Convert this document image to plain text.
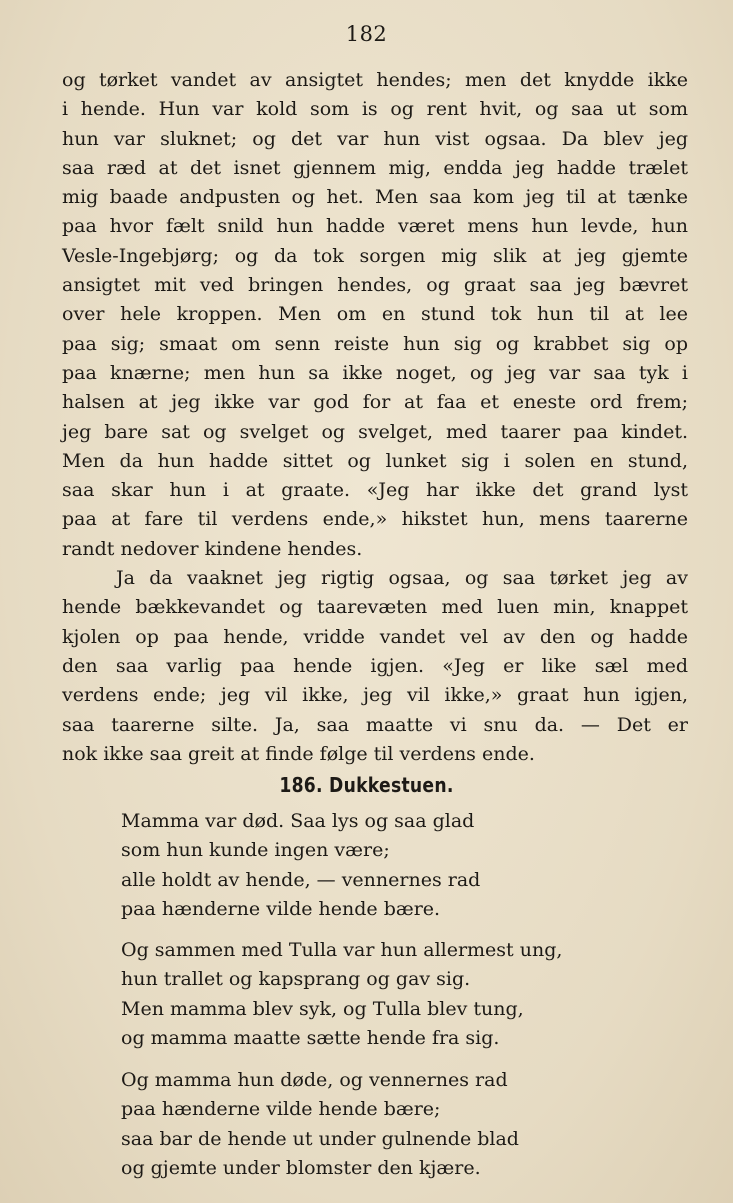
182
og tørket vandet av ansigtet hendes; men det knydde ikke
i hende. Hun var kold som is og rent hvit, og saa ut som
hun var sluknet; og det var hun vist ogsaa. Da blev jeg
saa ræd at det isnet gjennem mig, endda jeg hadde trælet
mig baade andpusten og het. Men saa kom jeg til at tænke
paa hvor fælt snild hun hadde været mens hun levde, hun
Vesle-Ingebjørg; og da tok sorgen mig slik at jeg gjemte
ansigtet mit ved bringen hendes, og graat saa jeg bævret
over hele kroppen. Men om en stund tok hun til at lee
paa sig; smaat om senn reiste hun sig og krabbet sig op
paa knærne; men hun sa ikke noget, og jeg var saa tyk i
halsen at jeg ikke var god for at faa et eneste ord frem;
jeg bare sat og svelget og svelget, med taarer paa kindet.
Men da hun hadde sittet og lunket sig i solen en stund,
saa skar hun i at graate. «Jeg har ikke det grand lyst
paa at fare til verdens ende,» hikstet hun, mens taarerne
randt nedover kindene hendes.
Ja da vaaknet jeg rigtig ogsaa, og saa tørket jeg av
hende bækkevandet og taarevæten med luen min, knappet
kjolen op paa hende, vridde vandet vel av den og hadde
den saa varlig paa hende igjen. «Jeg er like sæl med
verdens ende; jeg vil ikke, jeg vil ikke,» graat hun igjen,
saa taarerne silte. Ja, saa maatte vi snu da. — Det er
nok ikke saa greit at finde følge til verdens ende.
186. Dukkestuen.
Mamma var død. Saa lys og saa glad
som hun kunde ingen være;
alle holdt av hende, — vennernes rad
paa hænderne vilde hende bære.
Og sammen med Tulla var hun allermest ung,
hun trallet og kapsprang og gav sig.
Men mamma blev syk, og Tulla blev tung,
og mamma maatte sætte hende fra sig.
Og mamma hun døde, og vennernes rad
paa hænderne vilde hende bære;
saa bar de hende ut under gulnende blad
og gjemte under blomster den kjære.
